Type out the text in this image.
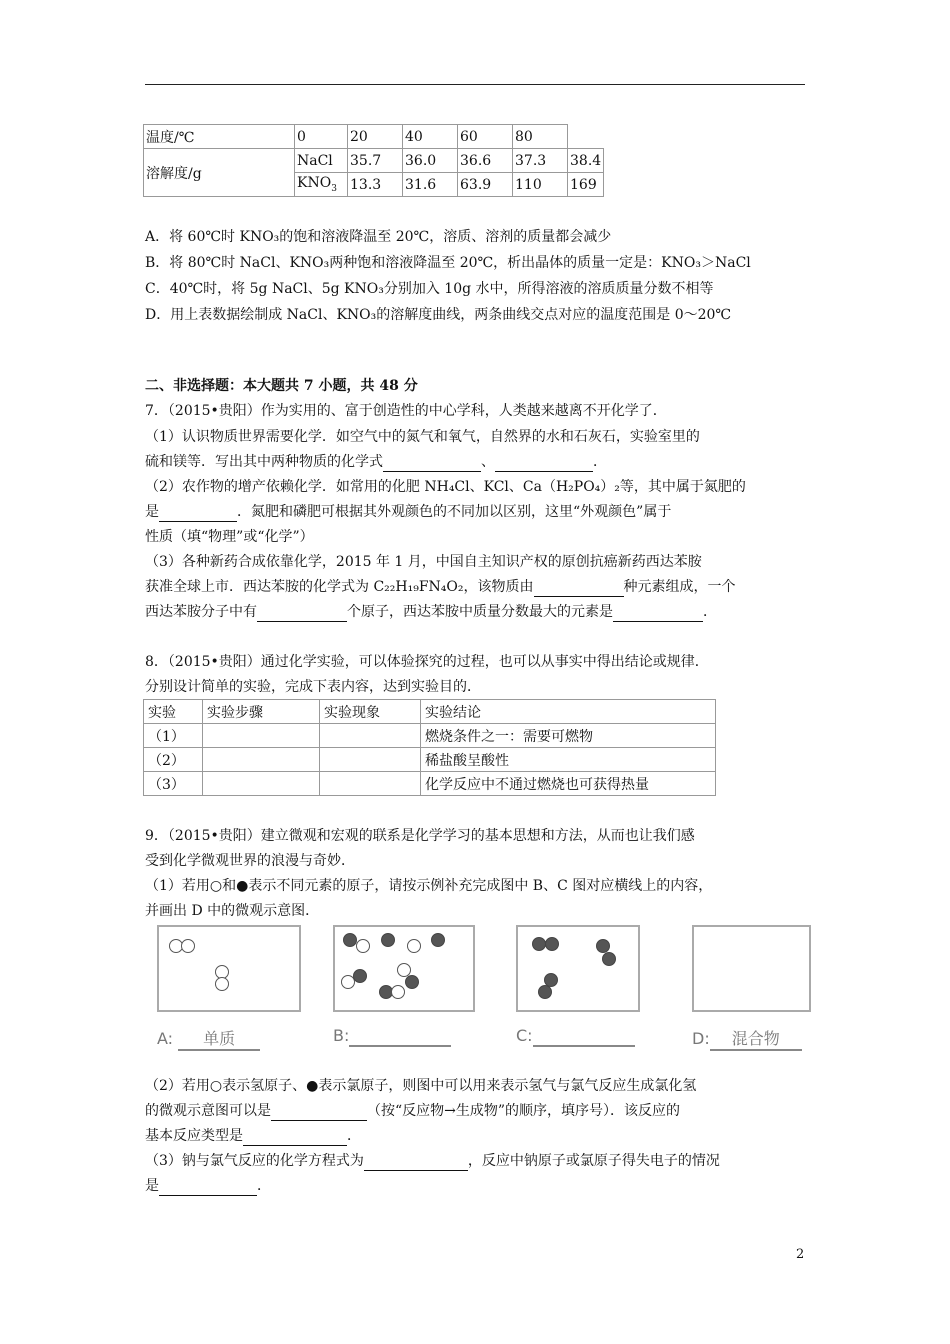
温度/℃	0	20	40	60	80	
溶解度/g	NaCl	35.7	36.0	36.6	37.3	38.4
	$KNO_3$	13.3	31.6	63.9	110	169
A．将 60℃时 KNO₃的饱和溶液降温至 20℃，溶质、溶剂的质量都会减少
B．将 80℃时 NaCl、KNO₃两种饱和溶液降温至 20℃，析出晶体的质量一定是：KNO₃＞NaCl
C．40℃时，将 5g NaCl、5g KNO₃分别加入 10g 水中，所得溶液的溶质质量分数不相等
D．用上表数据绘制成 NaCl、KNO₃的溶解度曲线，两条曲线交点对应的温度范围是 0～20℃
二、非选择题：本大题共 7 小题，共 48 分
7．（2015•贵阳）作为实用的、富于创造性的中心学科，人类越来越离不开化学了．
（1）认识物质世界需要化学．如空气中的氮气和氧气，自然界的水和石灰石，实验室里的
硫和镁等．写出其中两种物质的化学式	、	．
（2）农作物的增产依赖化学．如常用的化肥 NH₄Cl、KCl、Ca（H₂PO₄）₂等，其中属于氮肥的
是	．氮肥和磷肥可根据其外观颜色的不同加以区别，这里“外观颜色”属于
性质（填“物理”或“化学”）
（3）各种新药合成依靠化学，2015 年 1 月，中国自主知识产权的原创抗癌新药西达苯胺
获准全球上市．西达苯胺的化学式为 C₂₂H₁₉FN₄O₂，该物质由	种元素组成，一个
西达苯胺分子中有	个原子，西达苯胺中质量分数最大的元素是	．
8．（2015•贵阳）通过化学实验，可以体验探究的过程，也可以从事实中得出结论或规律．
分别设计简单的实验，完成下表内容，达到实验目的．
实验	实验步骤	实验现象	实验结论
（1）			燃烧条件之一：需要可燃物
（2）			稀盐酸呈酸性
（3）			化学反应中不通过燃烧也可获得热量
9．（2015•贵阳）建立微观和宏观的联系是化学学习的基本思想和方法，从而也让我们感
受到化学微观世界的浪漫与奇妙．
（1）若用○和●表示不同元素的原子，请按示例补充完成图中 B、C 图对应横线上的内容，
并画出 D 中的微观示意图．
A: 单质	B:	C:	D: 混合物
（2）若用○表示氢原子、●表示氯原子，则图中可以用来表示氢气与氯气反应生成氯化氢
的微观示意图可以是	（按“反应物→生成物”的顺序，填序号）．该反应的
基本反应类型是	．
（3）钠与氯气反应的化学方程式为	，反应中钠原子或氯原子得失电子的情况
是	．
2
